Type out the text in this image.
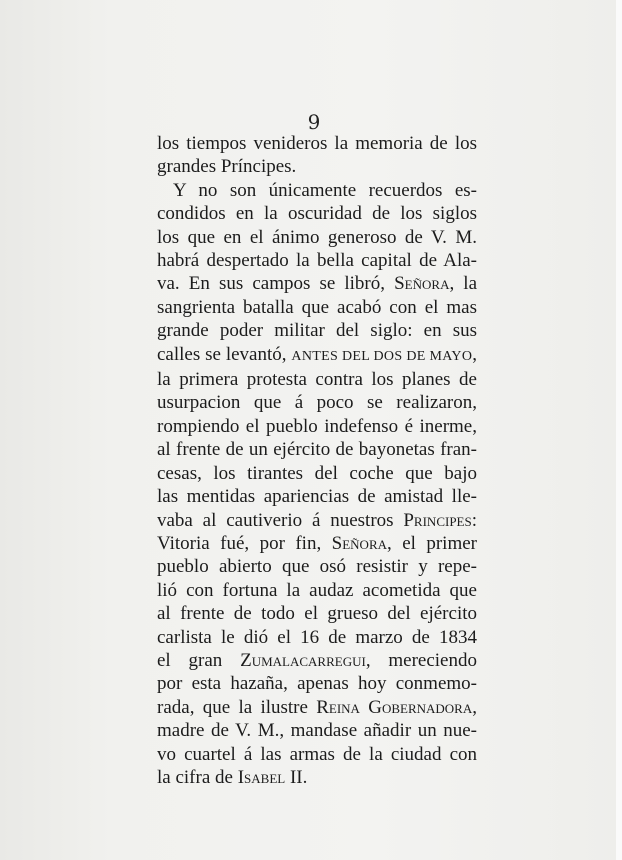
9
los tiempos venideros la memoria de los
grandes Príncipes.
Y no son únicamente recuerdos es-
condidos en la oscuridad de los siglos
los que en el ánimo generoso de V. M.
habrá despertado la bella capital de Ala-
va. En sus campos se libró, Señora, la
sangrienta batalla que acabó con el mas
grande poder militar del siglo: en sus
calles se levantó, ANTES DEL DOS DE MAYO,
la primera protesta contra los planes de
usurpacion que á poco se realizaron,
rompiendo el pueblo indefenso é inerme,
al frente de un ejército de bayonetas fran-
cesas, los tirantes del coche que bajo
las mentidas apariencias de amistad lle-
vaba al cautiverio á nuestros Principes:
Vitoria fué, por fin, Señora, el primer
pueblo abierto que osó resistir y repe-
lió con fortuna la audaz acometida que
al frente de todo el grueso del ejército
carlista le dió el 16 de marzo de 1834
el gran Zumalacarregui, mereciendo
por esta hazaña, apenas hoy conmemo-
rada, que la ilustre Reina Gobernadora,
madre de V. M., mandase añadir un nue-
vo cuartel á las armas de la ciudad con
la cifra de Isabel II.
